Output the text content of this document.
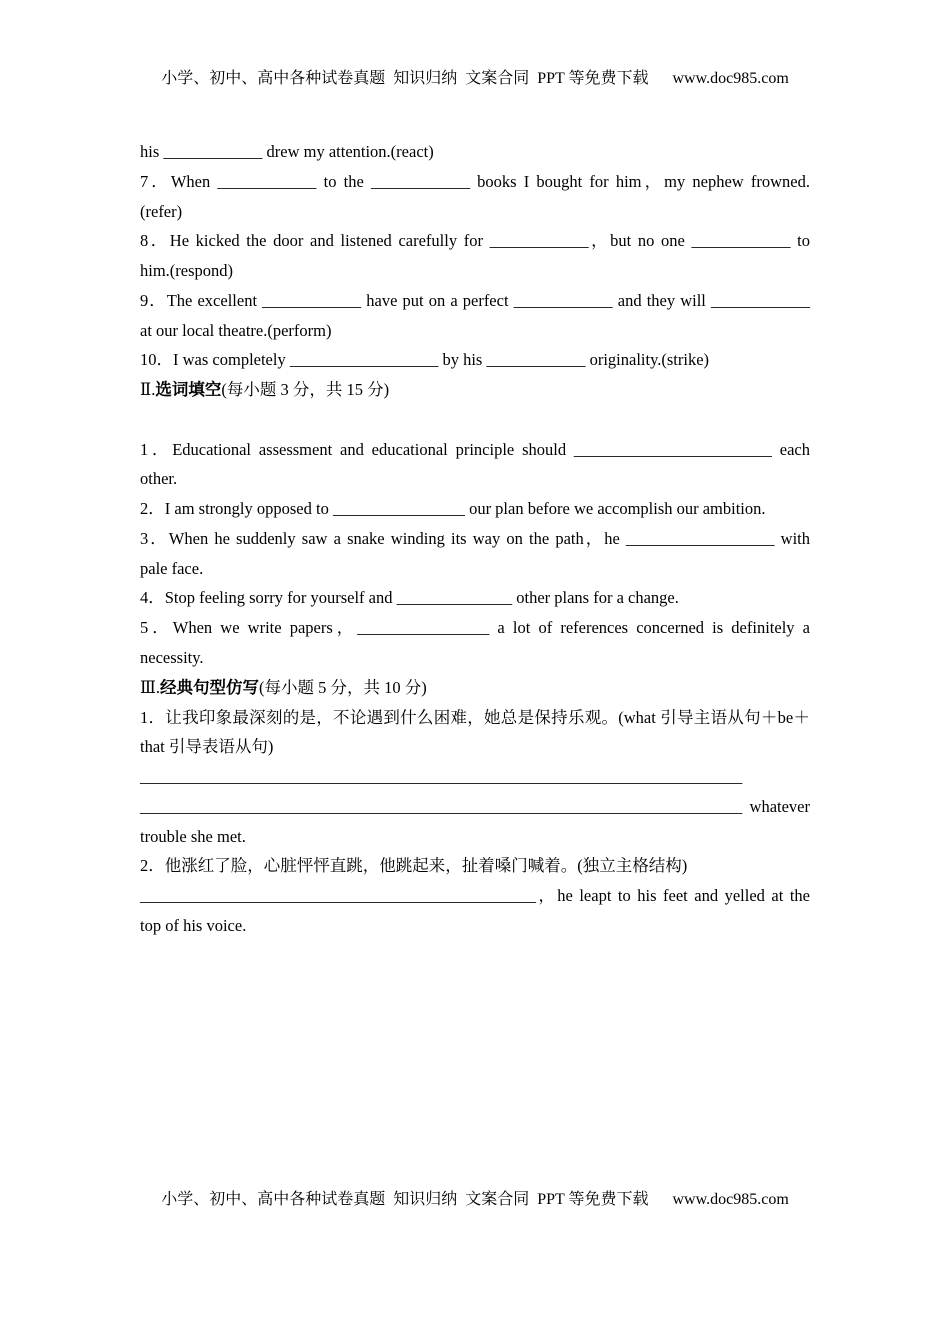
小学、初中、高中各种试卷真题  知识归纳  文案合同  PPT 等免费下载 www.doc985.com
his ____________ drew my attention.(react)
7．When ____________ to the ____________ books I bought for him，my nephew frowned.
(refer)
8．He kicked the door and listened carefully for ____________，but no one ____________ to
him.(respond)
9．The excellent ____________ have put on a perfect ____________ and they will ____________
at our local theatre.(perform)
10．I was completely __________________ by his ____________ originality.(strike)
Ⅱ.选词填空(每小题 3 分，共 15 分)
1．Educational assessment and educational principle should ________________________ each
other.
2．I am strongly opposed to ________________ our plan before we accomplish our ambition.
3．When he suddenly saw a snake winding its way on the path，he __________________ with
pale face.
4．Stop feeling sorry for yourself and ______________ other plans for a change.
5．When we write papers，________________ a lot of references concerned is definitely a
necessity.
Ⅲ.经典句型仿写(每小题 5 分，共 10 分)
1．让我印象最深刻的是，不论遇到什么困难，她总是保持乐观。(what 引导主语从句＋be＋
that 引导表语从句)
_________________________________________________________________________
_________________________________________________________________________ whatever
trouble she met.
2．他涨红了脸，心脏怦怦直跳，他跳起来，扯着嗓门喊着。(独立主格结构)
________________________________________________，he leapt to his feet and yelled at the
top of his voice.
小学、初中、高中各种试卷真题  知识归纳  文案合同  PPT 等免费下载 www.doc985.com
